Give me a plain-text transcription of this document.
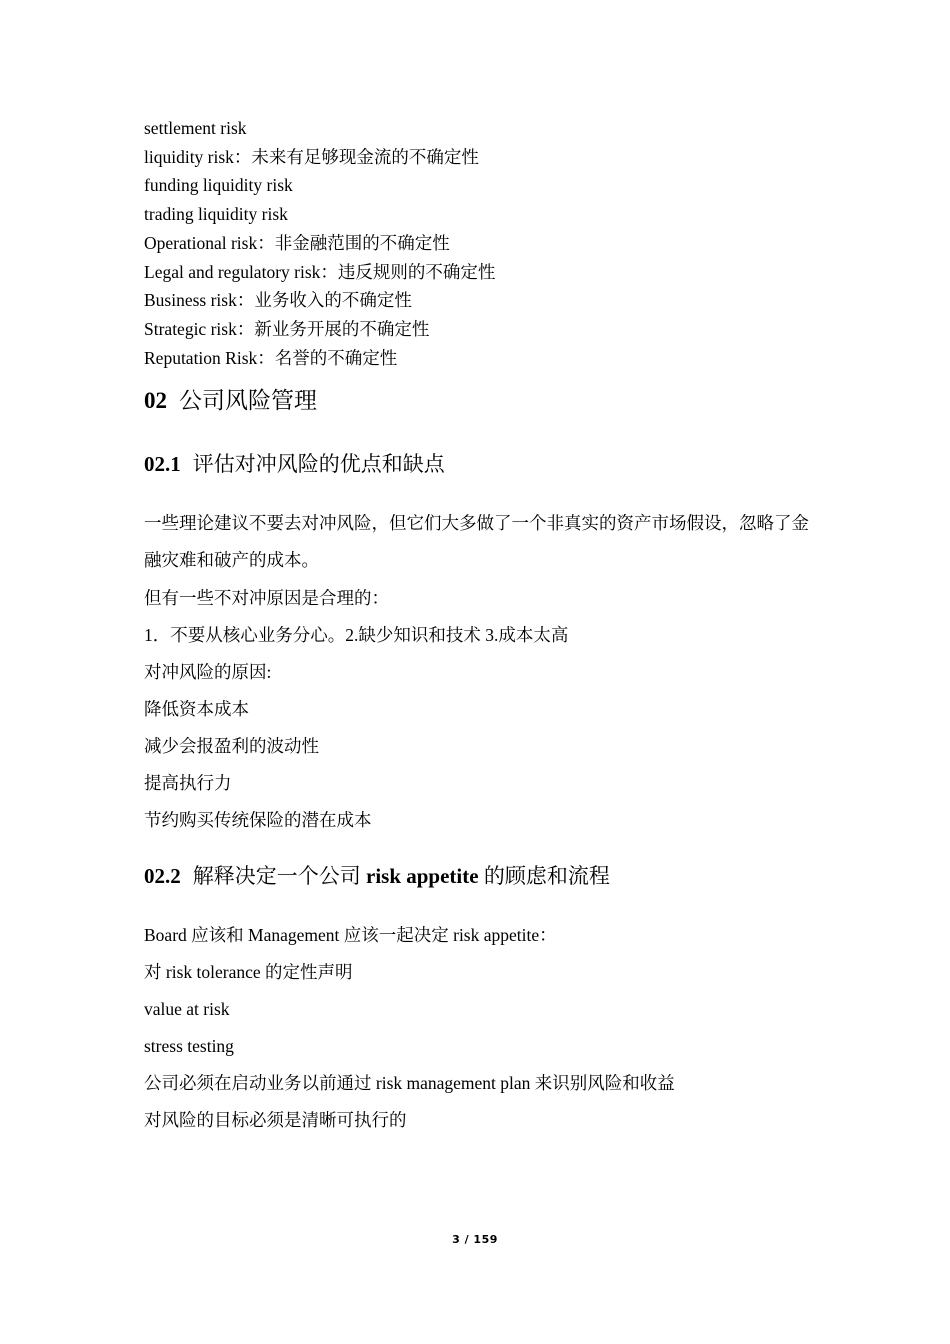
settlement risk

liquidity risk：未来有足够现金流的不确定性

funding liquidity risk

trading liquidity risk

Operational risk：非金融范围的不确定性

Legal and regulatory risk：违反规则的不确定性

Business risk：业务收入的不确定性

Strategic risk：新业务开展的不确定性

Reputation Risk：名誉的不确定性

02 公司风险管理

02.1 评估对冲风险的优点和缺点

一些理论建议不要去对冲风险，但它们大多做了一个非真实的资产市场假设，忽略了金融灾难和破产的成本。

但有一些不对冲原因是合理的：

1．不要从核心业务分心。2.缺少知识和技术 3.成本太高

对冲风险的原因:

降低资本成本

减少会报盈利的波动性

提高执行力

节约购买传统保险的潜在成本

02.2 解释决定一个公司 risk appetite 的顾虑和流程

Board 应该和 Management 应该一起决定 risk appetite：

对 risk tolerance 的定性声明

value at risk

stress testing

公司必须在启动业务以前通过 risk management plan 来识别风险和收益

对风险的目标必须是清晰可执行的

3 / 159
